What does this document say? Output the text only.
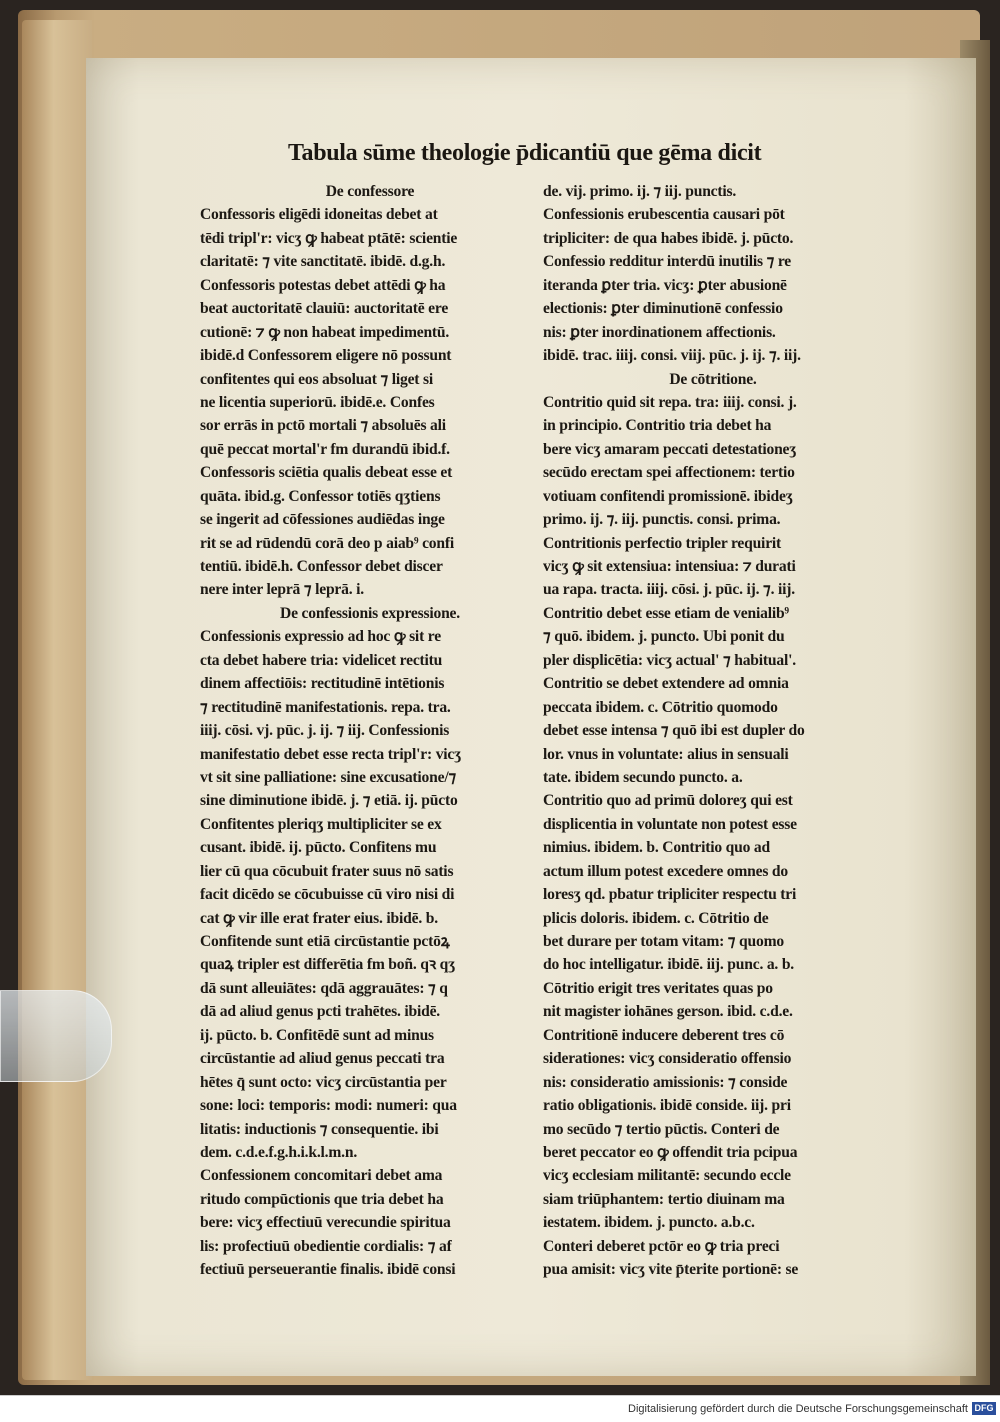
Tabula sūme theologie p̄dicantiū que gēma dicit
De confessore
Confessoris eligēdi idoneitas debet at
tēdi tripl'r: vicʒ ꝙ habeat ptātē: scientie
claritatē: ⁊ vite sanctitatē. ibidē. d.g.h.
Confessoris potestas debet attēdi ꝙ ha
beat auctoritatē clauiū: auctoritatē ere
cutionē: ⁊ ꝙ non habeat impedimentū.
ibidē.d Confessorem eligere nō possunt
confitentes qui eos absoluat ⁊ liget si
ne licentia superiorū. ibidē.e. Confes
sor errās in pctō mortali ⁊ absoluēs ali
quē peccat mortal'r fm durandū ibid.f.
Confessoris sciētia qualis debeat esse et
quāta. ibid.g. Confessor totiēs qʒtiens
se ingerit ad cōfessiones audiēdas inge
rit se ad rūdendū corā deo p aiab⁹ confi
tentiū. ibidē.h. Confessor debet discer
nere inter leprā ⁊ leprā. i.
De confessionis expressione.
Confessionis expressio ad hoc ꝙ sit re
cta debet habere tria: videlicet rectitu
dinem affectiōis: rectitudinē intētionis
⁊ rectitudinē manifestationis. repa. tra.
iiij. cōsi. vj. pūc. j. ij. ⁊ iij. Confessionis
manifestatio debet esse recta tripl'r: vicʒ
vt sit sine palliatione: sine excusatione/⁊
sine diminutione ibidē. j. ⁊ etiā. ij. pūcto
Confitentes pleriqʒ multipliciter se ex
cusant. ibidē. ij. pūcto. Confitens mu
lier cū qua cōcubuit frater suus nō satis
facit dicēdo se cōcubuisse cū viro nisi di
cat ꝙ vir ille erat frater eius. ibidē. b.
Confitende sunt etiā circūstantie pctōꝝ
quaꝝ tripler est differētia fm boñ. qꝛ qʒ
dā sunt alleuiātes: qdā aggrauātes: ⁊ q
dā ad aliud genus pcti trahētes. ibidē.
ij. pūcto. b. Confitēdē sunt ad minus
circūstantie ad aliud genus peccati tra
hētes q̄ sunt octo: vicʒ circūstantia per
sone: loci: temporis: modi: numeri: qua
litatis: inductionis ⁊ consequentie. ibi
dem. c.d.e.f.g.h.i.k.l.m.n.
Confessionem concomitari debet ama
ritudo compūctionis que tria debet ha
bere: vicʒ effectiuū verecundie spiritua
lis: profectiuū obedientie cordialis: ⁊ af
fectiuū perseuerantie finalis. ibidē consi
de. vij. primo. ij. ⁊ iij. punctis.
Confessionis erubescentia causari pōt
tripliciter: de qua habes ibidē. j. pūcto.
Confessio redditur interdū inutilis ⁊ re
iteranda ꝑter tria. vicʒ: ꝑter abusionē
electionis: ꝑter diminutionē confessio
nis: ꝑter inordinationem affectionis.
ibidē. trac. iiij. consi. viij. pūc. j. ij. ⁊. iij.
De cōtritione.
Contritio quid sit repa. tra: iiij. consi. j.
in principio. Contritio tria debet ha
bere vicʒ amaram peccati detestationeʒ
secūdo erectam spei affectionem: tertio
votiuam confitendi promissionē. ibideʒ
primo. ij. ⁊. iij. punctis. consi. prima.
Contritionis perfectio tripler requirit
vicʒ ꝙ sit extensiua: intensiua: ⁊ durati
ua rapa. tracta. iiij. cōsi. j. pūc. ij. ⁊. iij.
Contritio debet esse etiam de venialib⁹
⁊ quō. ibidem. j. puncto. Ubi ponit du
pler displicētia: vicʒ actual' ⁊ habitual'.
Contritio se debet extendere ad omnia
peccata ibidem. c. Cōtritio quomodo
debet esse intensa ⁊ quō ibi est dupler do
lor. vnus in voluntate: alius in sensuali
tate. ibidem secundo puncto. a.
Contritio quo ad primū doloreʒ qui est
displicentia in voluntate non potest esse
nimius. ibidem. b. Contritio quo ad
actum illum potest excedere omnes do
loresʒ qd. pbatur tripliciter respectu tri
plicis doloris. ibidem. c. Cōtritio de
bet durare per totam vitam: ⁊ quomo
do hoc intelligatur. ibidē. iij. punc. a. b.
Cōtritio erigit tres veritates quas po
nit magister iohānes gerson. ibid. c.d.e.
Contritionē inducere deberent tres cō
siderationes: vicʒ consideratio offensio
nis: consideratio amissionis: ⁊ conside
ratio obligationis. ibidē conside. iij. pri
mo secūdo ⁊ tertio pūctis. Conteri de
beret peccator eo ꝙ offendit tria pcipua
vicʒ ecclesiam militantē: secundo eccle
siam triūphantem: tertio diuinam ma
iestatem. ibidem. j. puncto. a.b.c.
Conteri deberet pctōr eo ꝙ tria preci
pua amisit: vicʒ vite p̄terite portionē: se
Digitalisierung gefördert durch die Deutsche Forschungsgemeinschaft DFG
